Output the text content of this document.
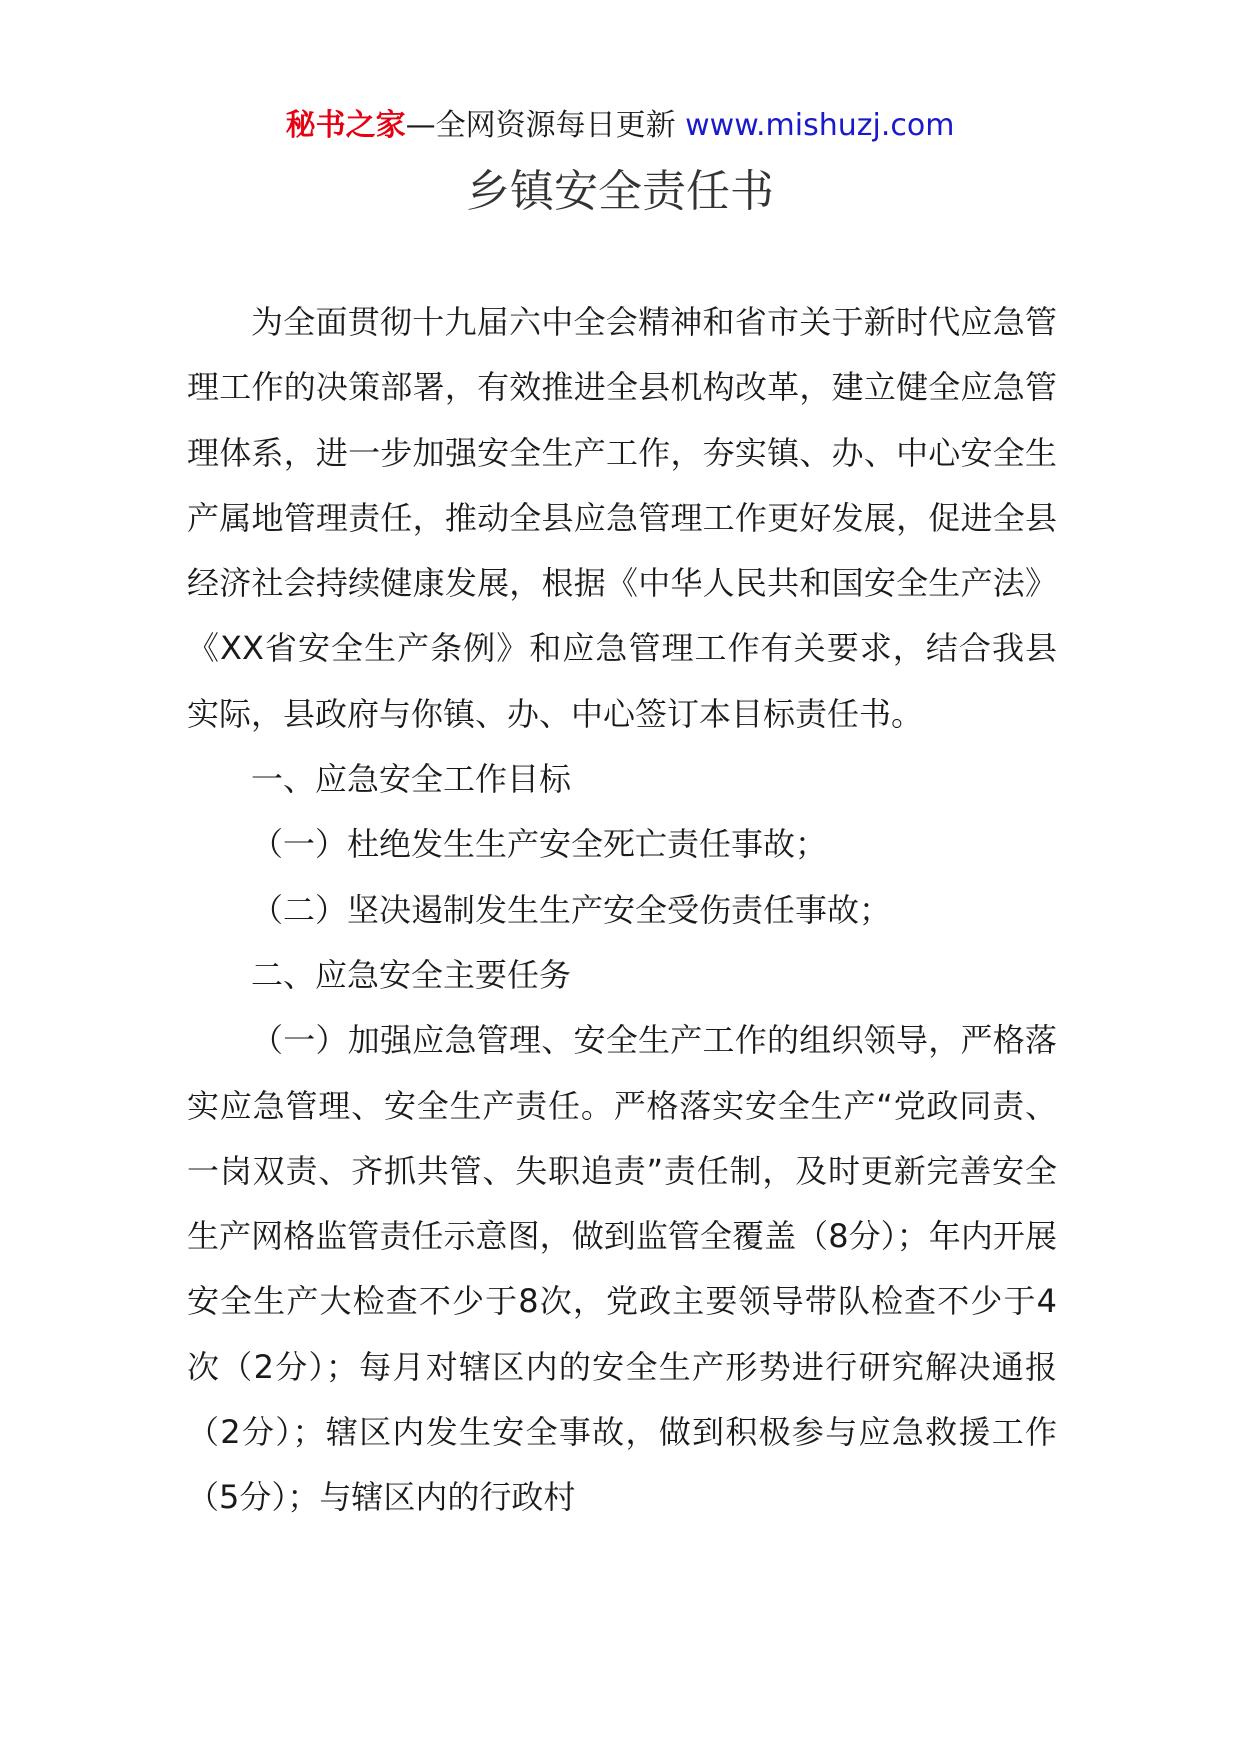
秘书之家—全网资源每日更新 www.mishuzj.com
乡镇安全责任书

为全面贯彻十九届六中全会精神和省市关于新时代应急管理工作的决策部署，有效推进全县机构改革，建立健全应急管理体系，进一步加强安全生产工作，夯实镇、办、中心安全生产属地管理责任，推动全县应急管理工作更好发展，促进全县经济社会持续健康发展，根据《中华人民共和国安全生产法》《XX省安全生产条例》和应急管理工作有关要求，结合我县实际，县政府与你镇、办、中心签订本目标责任书。

一、应急安全工作目标

（一）杜绝发生生产安全死亡责任事故；

（二）坚决遏制发生生产安全受伤责任事故；

二、应急安全主要任务

（一）加强应急管理、安全生产工作的组织领导，严格落实应急管理、安全生产责任。严格落实安全生产“党政同责、一岗双责、齐抓共管、失职追责”责任制，及时更新完善安全生产网格监管责任示意图，做到监管全覆盖（8分）；年内开展安全生产大检查不少于8次，党政主要领导带队检查不少于4次（2分）；每月对辖区内的安全生产形势进行研究解决通报（2分）；辖区内发生安全事故，做到积极参与应急救援工作（5分）；与辖区内的行政村
